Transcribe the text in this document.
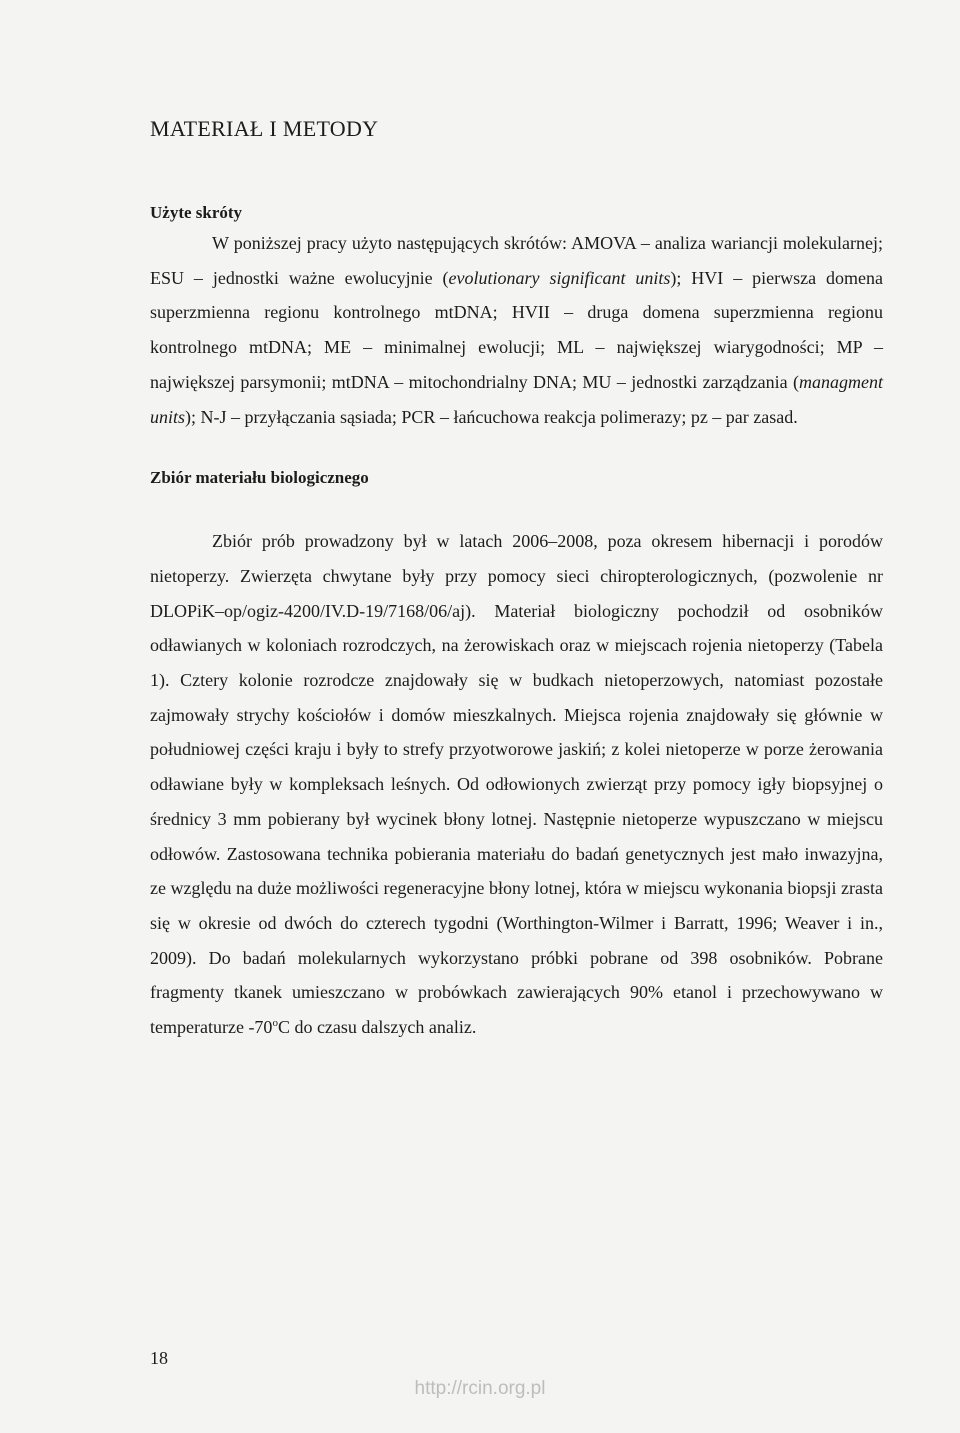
MATERIAŁ I METODY
Użyte skróty

W poniższej pracy użyto następujących skrótów: AMOVA – analiza wariancji molekularnej; ESU – jednostki ważne ewolucyjnie (evolutionary significant units); HVI – pierwsza domena superzmienna regionu kontrolnego mtDNA; HVII – druga domena superzmienna regionu kontrolnego mtDNA; ME – minimalnej ewolucji; ML – największej wiarygodności; MP – największej parsymonii; mtDNA – mitochondrialny DNA; MU – jednostki zarządzania (managment units); N-J – przyłączania sąsiada; PCR – łańcuchowa reakcja polimerazy; pz – par zasad.

Zbiór materiału biologicznego

Zbiór prób prowadzony był w latach 2006–2008, poza okresem hibernacji i porodów nietoperzy. Zwierzęta chwytane były przy pomocy sieci chiropterologicznych, (pozwolenie nr DLOPiK–op/ogiz-4200/IV.D-19/7168/06/aj). Materiał biologiczny pochodził od osobników odławianych w koloniach rozrodczych, na żerowiskach oraz w miejscach rojenia nietoperzy (Tabela 1). Cztery kolonie rozrodcze znajdowały się w budkach nietoperzowych, natomiast pozostałe zajmowały strychy kościołów i domów mieszkalnych. Miejsca rojenia znajdowały się głównie w południowej części kraju i były to strefy przyotworowe jaskiń; z kolei nietoperze w porze żerowania odławiane były w kompleksach leśnych. Od odłowionych zwierząt przy pomocy igły biopsyjnej o średnicy 3 mm pobierany był wycinek błony lotnej. Następnie nietoperze wypuszczano w miejscu odłowów. Zastosowana technika pobierania materiału do badań genetycznych jest mało inwazyjna, ze względu na duże możliwości regeneracyjne błony lotnej, która w miejscu wykonania biopsji zrasta się w okresie od dwóch do czterech tygodni (Worthington-Wilmer i Barratt, 1996; Weaver i in., 2009). Do badań molekularnych wykorzystano próbki pobrane od 398 osobników. Pobrane fragmenty tkanek umieszczano w probówkach zawierających 90% etanol i przechowywano w temperaturze -70$^o$C do czasu dalszych analiz.

18
http://rcin.org.pl
